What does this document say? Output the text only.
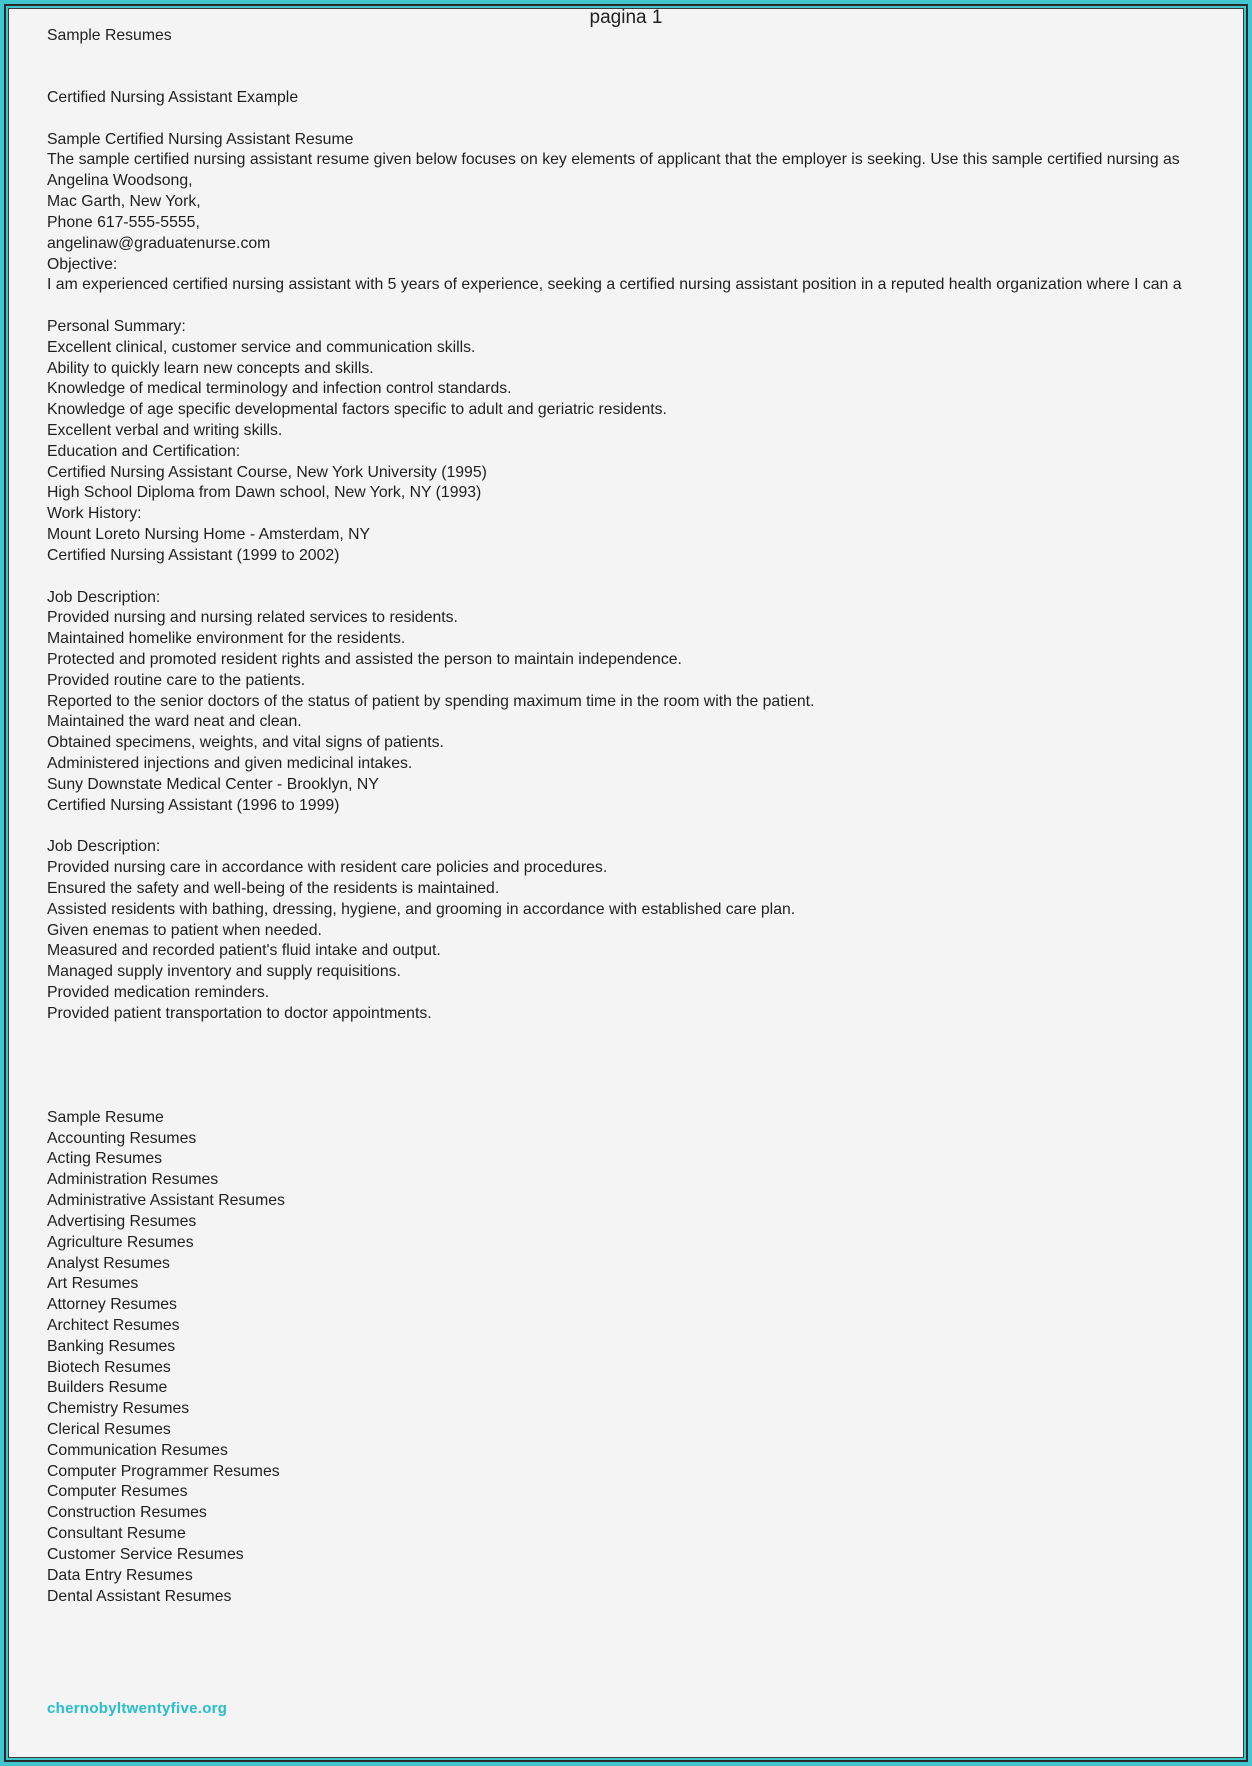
pagina 1
Sample Resumes
Certified Nursing Assistant Example
Sample Certified Nursing Assistant Resume
The sample certified nursing assistant resume given below focuses on key elements of applicant that the employer is seeking. Use this sample certified nursing as
Angelina Woodsong,
Mac Garth, New York,
Phone 617-555-5555,
angelinaw@graduatenurse.com
Objective:
I am experienced certified nursing assistant with 5 years of experience, seeking a certified nursing assistant position in a reputed health organization where I can a
Personal Summary:
Excellent clinical, customer service and communication skills.
Ability to quickly learn new concepts and skills.
Knowledge of medical terminology and infection control standards.
Knowledge of age specific developmental factors specific to adult and geriatric residents.
Excellent verbal and writing skills.
Education and Certification:
Certified Nursing Assistant Course, New York University (1995)
High School Diploma from Dawn school, New York, NY (1993)
Work History:
Mount Loreto Nursing Home - Amsterdam, NY
Certified Nursing Assistant (1999 to 2002)
Job Description:
Provided nursing and nursing related services to residents.
Maintained homelike environment for the residents.
Protected and promoted resident rights and assisted the person to maintain independence.
Provided routine care to the patients.
Reported to the senior doctors of the status of patient by spending maximum time in the room with the patient.
Maintained the ward neat and clean.
Obtained specimens, weights, and vital signs of patients.
Administered injections and given medicinal intakes.
Suny Downstate Medical Center - Brooklyn, NY
Certified Nursing Assistant (1996 to 1999)
Job Description:
Provided nursing care in accordance with resident care policies and procedures.
Ensured the safety and well-being of the residents is maintained.
Assisted residents with bathing, dressing, hygiene, and grooming in accordance with established care plan.
Given enemas to patient when needed.
Measured and recorded patient's fluid intake and output.
Managed supply inventory and supply requisitions.
Provided medication reminders.
Provided patient transportation to doctor appointments.
Sample Resume
Accounting Resumes
Acting Resumes
Administration Resumes
Administrative Assistant Resumes
Advertising Resumes
Agriculture Resumes
Analyst Resumes
Art Resumes
Attorney Resumes
Architect Resumes
Banking Resumes
Biotech Resumes
Builders Resume
Chemistry Resumes
Clerical Resumes
Communication Resumes
Computer Programmer Resumes
Computer Resumes
Construction Resumes
Consultant Resume
Customer Service Resumes
Data Entry Resumes
Dental Assistant Resumes
chernobyltwentyfive.org
